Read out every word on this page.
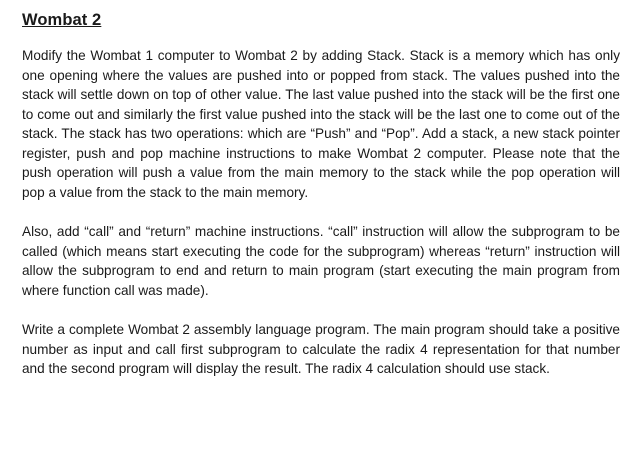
Wombat 2

Modify the Wombat 1 computer to Wombat 2 by adding Stack. Stack is a memory which has only one opening where the values are pushed into or popped from stack. The values pushed into the stack will settle down on top of other value. The last value pushed into the stack will be the first one to come out and similarly the first value pushed into the stack will be the last one to come out of the stack. The stack has two operations: which are “Push” and “Pop”. Add a stack, a new stack pointer register, push and pop machine instructions to make Wombat 2 computer. Please note that the push operation will push a value from the main memory to the stack while the pop operation will pop a value from the stack to the main memory.

Also, add “call” and “return” machine instructions. “call” instruction will allow the subprogram to be called (which means start executing the code for the subprogram) whereas “return” instruction will allow the subprogram to end and return to main program (start executing the main program from where function call was made).

Write a complete Wombat 2 assembly language program. The main program should take a positive number as input and call first subprogram to calculate the radix 4 representation for that number and the second program will display the result. The radix 4 calculation should use stack.
